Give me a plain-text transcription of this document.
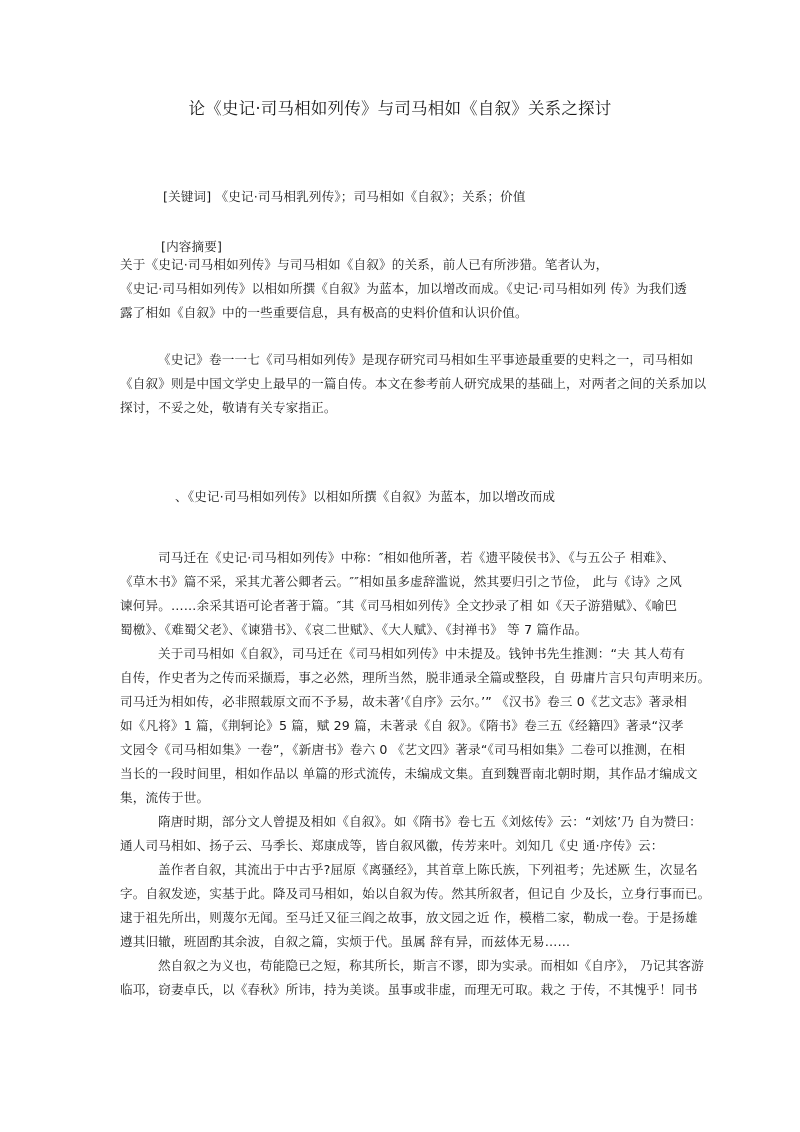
论《史记·司马相如列传》与司马相如《自叙》关系之探讨
[关键词] 《史记·司马相乳列传》；司马相如《自叙》；关系；价值
[内容摘要]
关于《史记·司马相如列传》与司马相如《自叙》的关系，前人已有所涉猎。笔者认为，
《史记·司马相如列传》以相如所撰《自叙》为蓝本，加以增改而成。《史记·司马相如列 传》为我们透
露了相如《自叙》中的一些重要信息，具有极高的史料价值和认识价值。
《史记》卷一一七《司马相如列传》是现存研究司马相如生平事迹最重要的史料之一，司马相如
《自叙》则是中国文学史上最早的一篇自传。本文在参考前人研究成果的基础上，对两者之间的关系加以
探讨，不妥之处，敬请有关专家指正。
、《史记·司马相如列传》以相如所撰《自叙》为蓝本，加以增改而成
司马迁在《史记·司马相如列传》中称：″相如他所著，若《遗平陵侯书》、《与五公子 相难》、
《草木书》篇不采，采其尤著公卿者云。″″相如虽多虚辞滥说，然其要归引之节俭， 此与《诗》之风
谏何异。……余采其语可论者著于篇。″其《司马相如列传》全文抄录了相 如《天子游猎赋》、《喻巴
蜀檄》、《难蜀父老》、《谏猎书》、《哀二世赋》、《大人赋》、《封禅书》 等 7 篇作品。
关于司马相如《自叙》，司马迁在《司马相如列传》中未提及。钱钟书先生推测：“夫 其人苟有
自传，作史者为之传而采撷焉，事之必然，理所当然，脱非通录全篇或整段，自 毋庸片言只句声明来历。
司马迁为相如传，必非照载原文而不予易，故未著’《自序》云尔。’” 《汉书》卷三 0《艺文志》著录相
如《凡将》1 篇，《荆轲论》5 篇，赋 29 篇，未著录《自 叙》。《隋书》卷三五《经籍四》著录“汉孝
文园令《司马相如集》一卷”，《新唐书》卷六 0 《艺文四》著录“《司马相如集》二卷可以推测，在相
当长的一段时间里，相如作品以 单篇的形式流传，未编成文集。直到魏晋南北朝时期，其作品才编成文
集，流传于世。
隋唐时期，部分文人曾提及相如《自叙》。如《隋书》卷七五《刘炫传》云：“刘炫’乃 自为赞曰：
通人司马相如、扬子云、马季长、郑康成等，皆自叙风徽，传芳来叶。刘知几《史 通·序传》云：
盖作者自叙，其流出于中古乎?屈原《离骚经》，其首章上陈氏族，下列祖考；先述厥 生，次显名
字。自叙发迹，实基于此。降及司马相如，始以自叙为传。然其所叙者，但记自 少及长，立身行事而已。
逮于祖先所出，则蔑尔无闻。至马迁又征三阎之故事，放文园之近 作，模楷二家，勒成一卷。于是扬雄
遵其旧辙，班固酌其余波，自叙之篇，实烦于代。虽属 辞有异，而兹体无易……
然自叙之为义也，苟能隐已之短，称其所长，斯言不谬，即为实录。而相如《自序》， 乃记其客游
临邛，窃妻卓氏，以《春秋》所讳，持为美谈。虽事或非虚，而理无可取。栽之 于传，不其愧乎！同书
